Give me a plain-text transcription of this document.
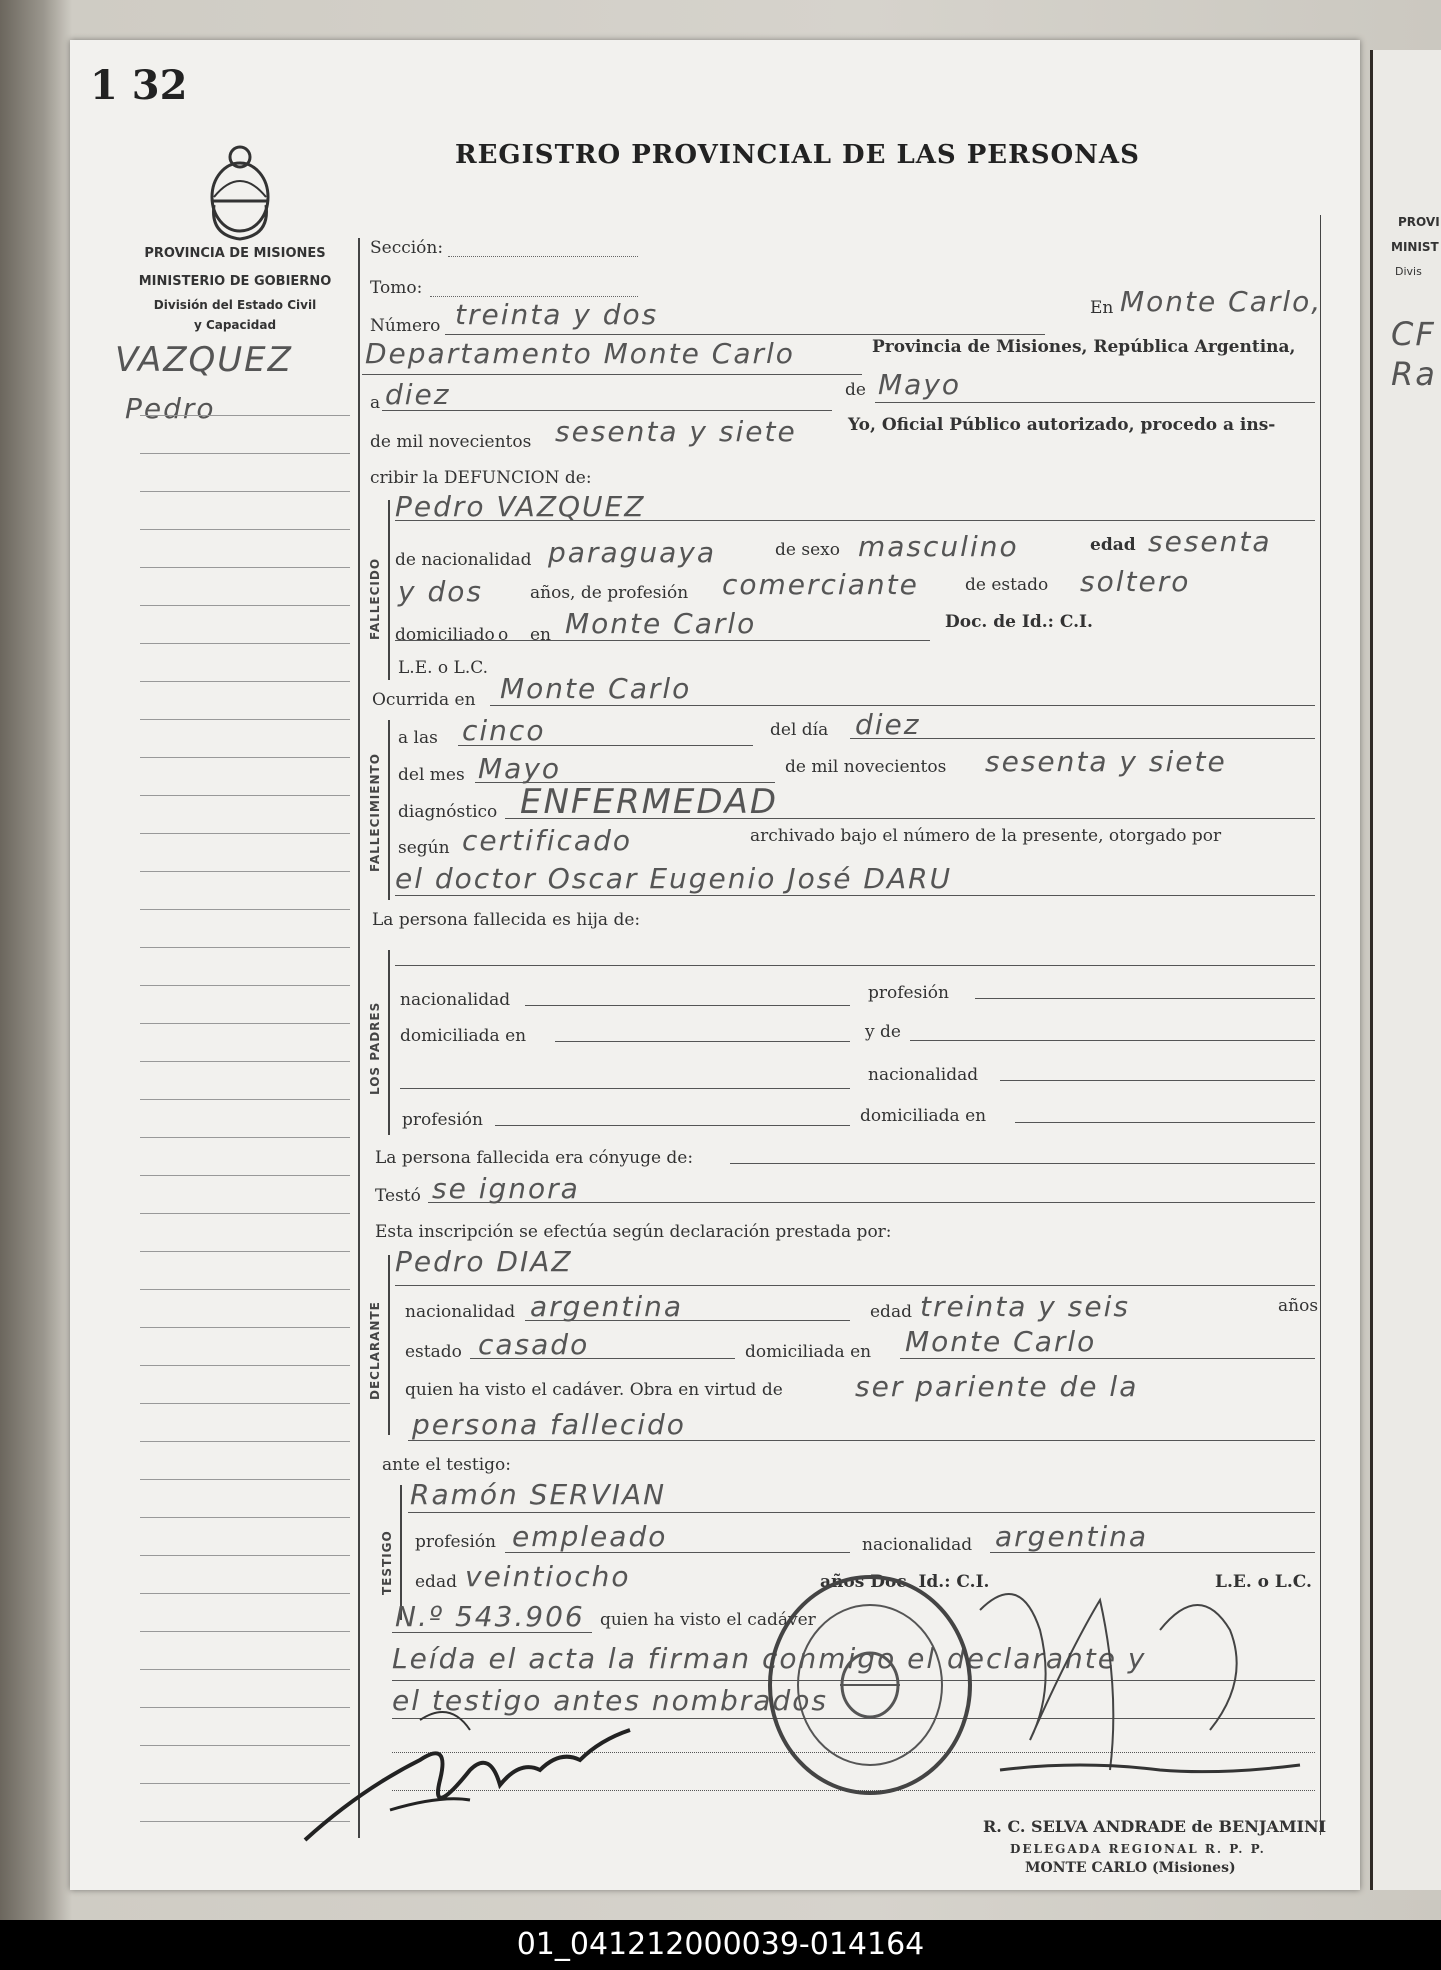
PROVI
MINIST
Divis
CF
Ra
1 32
REGISTRO PROVINCIAL DE LAS PERSONAS
PROVINCIA DE MISIONES
MINISTERIO DE GOBIERNO
División del Estado Civil
y Capacidad
VAZQUEZ
Pedro
Sección:
Tomo:
Número treinta y dos	En Monte Carlo,
Departamento Monte Carlo	Provincia de Misiones, República Argentina,
a diez	de Mayo
de mil novecientos sesenta y siete	Yo, Oficial Público autorizado, procedo a ins-
cribir la DEFUNCION de:
FALLECIDO
Pedro VAZQUEZ
de nacionalidad paraguaya	de sexo masculino	edad sesenta
y dos	años, de profesión comerciante	de estado soltero
domiciliado o en Monte Carlo	Doc. de Id.: C.I.
L.E. o L.C.
Ocurrida en Monte Carlo
FALLECIMIENTO
a las cinco	del día diez
del mes Mayo	de mil novecientos sesenta y siete
diagnóstico ENFERMEDAD
según certificado	archivado bajo el número de la presente, otorgado por
el doctor Oscar Eugenio José DARU
La persona fallecida es hija de:
LOS PADRES
nacionalidad	profesión
domiciliada en	y de
nacionalidad
profesión	domiciliada en
La persona fallecida era cónyuge de:
Testó se ignora
Esta inscripción se efectúa según declaración prestada por:
DECLARANTE
Pedro DIAZ
nacionalidad argentina	edad treinta y seis	años
estado casado	domiciliada en Monte Carlo
quien ha visto el cadáver. Obra en virtud de	ser pariente de la
persona fallecido
ante el testigo:
TESTIGO
Ramón SERVIAN
profesión empleado	nacionalidad argentina
edad veintiocho	años Doc. Id.: C.I.	L.E. o L.C.
N.º 543.906 quien ha visto el cadáver
Leída el acta la firman conmigo el declarante y
el testigo antes nombrados
R. C. SELVA ANDRADE de BENJAMINI
DELEGADA REGIONAL R. P. P.
MONTE CARLO (Misiones)
01_041212000039-014164
